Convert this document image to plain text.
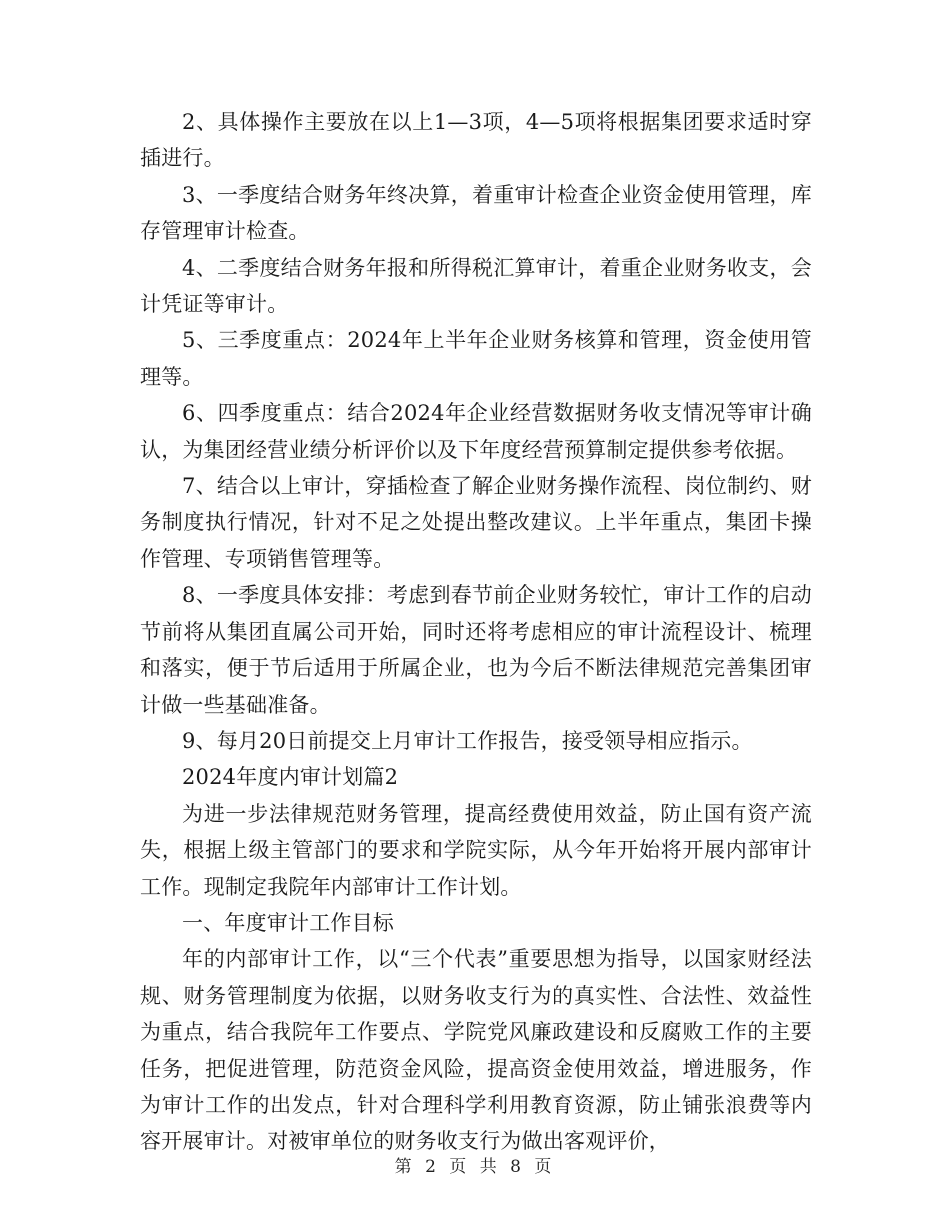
2、具体操作主要放在以上1—3项，4—5项将根据集团要求适时穿插进行。

3、一季度结合财务年终决算，着重审计检查企业资金使用管理，库存管理审计检查。

4、二季度结合财务年报和所得税汇算审计，着重企业财务收支，会计凭证等审计。

5、三季度重点：2024年上半年企业财务核算和管理，资金使用管理等。

6、四季度重点：结合2024年企业经营数据财务收支情况等审计确认，为集团经营业绩分析评价以及下年度经营预算制定提供参考依据。

7、结合以上审计，穿插检查了解企业财务操作流程、岗位制约、财务制度执行情况，针对不足之处提出整改建议。上半年重点，集团卡操作管理、专项销售管理等。

8、一季度具体安排：考虑到春节前企业财务较忙，审计工作的启动节前将从集团直属公司开始，同时还将考虑相应的审计流程设计、梳理和落实，便于节后适用于所属企业，也为今后不断法律规范完善集团审计做一些基础准备。

9、每月20日前提交上月审计工作报告，接受领导相应指示。

2024年度内审计划篇2

为进一步法律规范财务管理，提高经费使用效益，防止国有资产流失，根据上级主管部门的要求和学院实际，从今年开始将开展内部审计工作。现制定我院年内部审计工作计划。

一、年度审计工作目标

年的内部审计工作，以“三个代表”重要思想为指导，以国家财经法规、财务管理制度为依据，以财务收支行为的真实性、合法性、效益性为重点，结合我院年工作要点、学院党风廉政建设和反腐败工作的主要任务，把促进管理，防范资金风险，提高资金使用效益，增进服务，作为审计工作的出发点，针对合理科学利用教育资源，防止铺张浪费等内容开展审计。对被审单位的财务收支行为做出客观评价，

第 2 页 共 8 页
